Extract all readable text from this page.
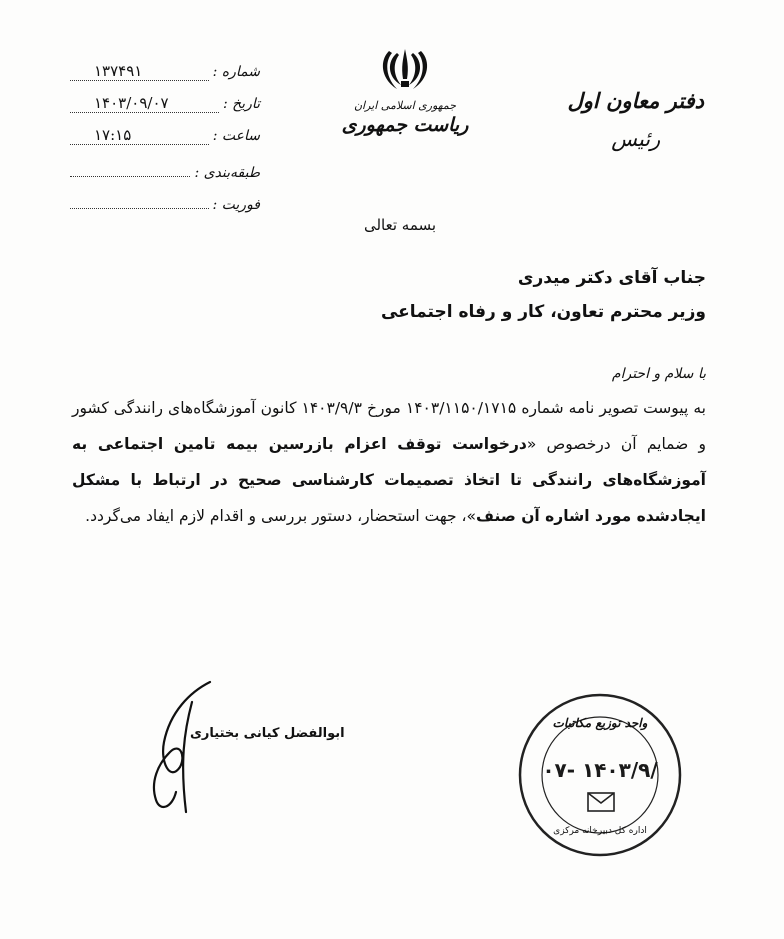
شماره :
۱۳۷۴۹۱
تاریخ :
۱۴۰۳/۰۹/۰۷
ساعت :
۱۷:۱۵
طبقه‌بندی :
فوریت :
جمهوری اسلامی ایران
ریاست جمهوری
دفتر معاون اول
رئیس
بسمه تعالی
جناب آقای دکتر میدری
وزیر محترم تعاون، کار و رفاه اجتماعی
با سلام و احترام
به پیوست تصویر نامه شماره ۱۴۰۳/۱۱۵۰/۱۷۱۵ مورخ ۱۴۰۳/۹/۳ کانون آموزشگاه‌های رانندگی کشور و ضمایم آن درخصوص «درخواست توقف اعزام بازرسین بیمه تامین اجتماعی به آموزشگاه‌های رانندگی تا اتخاذ تصمیمات کارشناسی صحیح در ارتباط با مشکل ایجادشده مورد اشاره آن صنف»، جهت استحضار، دستور بررسی و اقدام لازم ایفاد می‌گردد.
ابوالفضل کیانی بختیاری
واحد توزیع مکاتبات
۰۷- ۱۴۰۳/۹/
اداره کل دبیرخانه مرکزی
